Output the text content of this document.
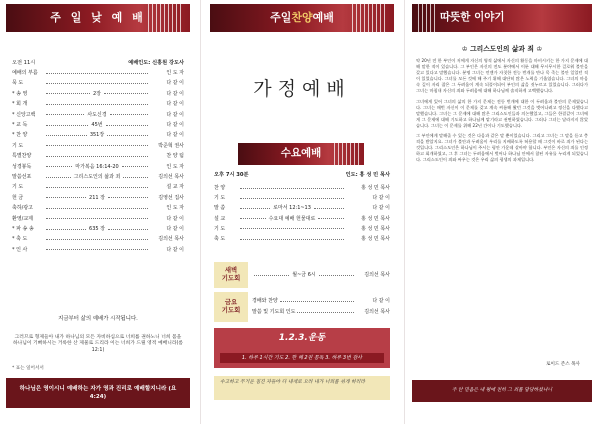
주 일 낮 예 배
오전 11시	예배인도: 신홍원 강도사
예배의 부름	인 도 자
묵 도	다 같 이
* 송 영	2장	다 같 이
* 회 개	다 같 이
* 신앙고백	사도신경	다 같 이
* 교 독	45번	다 같 이
* 찬 양	351장	다 같 이
기 도	박준혁 권사
특별찬양	찬 양 팀
성경봉독	마가복음 16:14-20	인 도 자
말씀선포	그리스도인의 삶과 죄	김의선 목사
기 도	설 교 자
헌 금	211 장	김영선 집사
축하/광고	인 도 자
환영/교제	다 같 이
* 파 송 송	635 장	다 같 이
* 축 도	김의선 목사
* 인 사	다 같 이
지금부터 삶의 예배가 시작됩니다.
그러므로 형제들아 내가 하나님의 모든 자비하심으로 너희를 권하노니 너희 몸을 하나님이 기뻐하시는 거룩한 산 제물로 드리라 이는 너희가 드릴 영적 예배니라(롬 12:1)
* 표는 일어서서
하나님은 영이시니 예배하는 자가 영과 진리로 예배할지니라 (요4:24)
주일 찬양 예배
가정예배
수요예배
오후 7시 30분	인도: 홍 성 민 목사
찬 양	홍 성 민 목사
기 도	다 같 이
말 씀	로마서 12:1~13	다 같 이
설 교	수요대 예배 헌물대로	홍 성 민 목사
기 도	홍 성 민 목사
축 도	홍 성 민 목사
새벽
기도회	월~금 6시	김의선 목사
금요
기도회
경배와 찬양	다 같 이
말씀 및 기도회 인도	김의선 목사
1.2.3.운동
1. 하루 1시간 기도 2. 한 해 2권 통독 3. 하루 3번 감사
수고하고 무거운 짐진 자들아 다 내게로 오라 내가 너희를 쉬게 하리라
따뜻한 이야기
♔ 그리스도인의 삶과 죄 ♔

약 20년 전 한 부인이 저에게 자신의 영적 삶에서 자신의 활동을 마비시키는 한 가지 문제에 대해 말한 적이 있습니다. 그 부인은 자신의 전도 분야에서 이룬 대해 무시무시한 걸로워 불안을 갖고 있다고 말했습니다. 분명 그녀는 언젠가 자칫한 전능 번개를 만나 목 죽는 불안 일었던 적이 있었습니다. 그녀를 모든 것에 해 주기 위해 대단히 많은 노력을 기울였습니다. 그녀의 마음 속 깊이 자리 잡은 그 두려움이 계속 되풀이되어 부인의 삶을 짓누르고 있었습니다. 그러다가 그녀는 마침내 자신의 죄와 두려움에 대해 하나님께 솔직하게 고백했습니다.

그녀에게 있어 그녀의 삶의 한 가지 문제는 전등 번개에 대한 이 두려움과 불안의 문제였습니다. 그녀는 매번 자신이 이 문제를 갖고 계속 씨름해 왔던 그것을 벗어나려고 정신을 다했다고 말했습니다. 그녀는 그 문제에 대해 많은 그리스도인들과 의논했었고, 그들은 한결같이 그녀에게 그 문제에 대해 기도하고 하나님께 맡기라고 권면하였습니다. 그러나 그녀는 달라지지 않았습니다. 그녀는 이 문제를 위해 22년 간이나 기도했습니다.

그 부인에게 말해줄 수 있는 것은 다음과 같은 말 뿐이었습니다. 그리고 그녀는 그 말을 듣고 충격을 받았지요. 그녀가 불안과 두려움이 우리를 지배하도록 허용할 때 그것이 바로 죄가 된다는 것입니다. 그리스도인은 하나님이 주시는 평안 가운데 살아야 합니다. 부인은 자신의 죄를 인정하고 회개하였고, 그 후 그녀는 두려움에서 벗어나 하나님 안에서 참된 자유를 누리게 되었습니다. 그리스도인이 죄와 싸우는 것은 우리 삶의 평생의 과제입니다.

로이드 존스 목사
주 안 믿음은 내 평에 친히 그 죄를 담당하셨나니
